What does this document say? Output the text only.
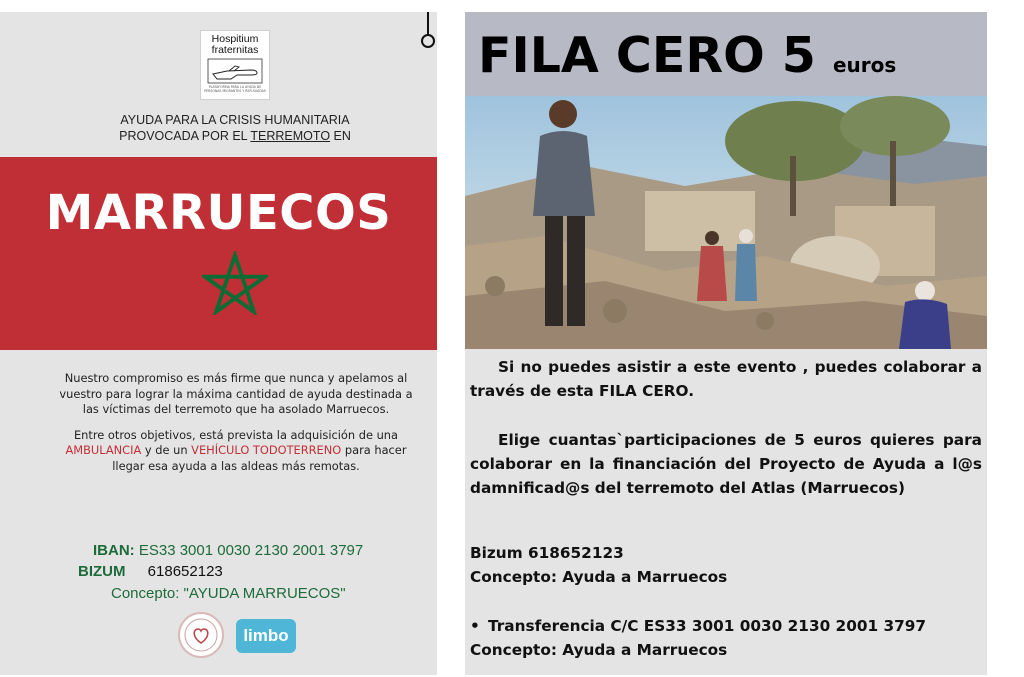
Hospitium
fraternitas
PLATAFORMA PARA LA AYUDA DE PERSONAS MIGRANTES Y REFUGIADAS
AYUDA PARA LA CRISIS HUMANITARIA
PROVOCADA POR EL TERREMOTO EN
MARRUECOS

Nuestro compromiso es más firme que nunca y apelamos al vuestro para lograr la máxima cantidad de ayuda destinada a las víctimas del terremoto que ha asolado Marruecos.

Entre otros objetivos, está prevista la adquisición de una AMBULANCIA y de un VEHÍCULO TODOTERRENO para hacer llegar esa ayuda a las aldeas más remotas.

IBAN: ES33 3001 0030 2130 2001 3797
BIZUM 618652123
Concepto: "AYUDA MARRUECOS"
limbo
FILA CERO 5 euros
Si no puedes asistir a este evento , puedes colaborar a través de esta FILA CERO.
Elige cuantas`participaciones de 5 euros quieres para colaborar en la financiación del Proyecto de Ayuda a l@s damnificad@s del terremoto del Atlas (Marruecos)
Bizum 618652123
Concepto: Ayuda a Marruecos
• Transferencia C/C ES33 3001 0030 2130 2001 3797
Concepto: Ayuda a Marruecos
